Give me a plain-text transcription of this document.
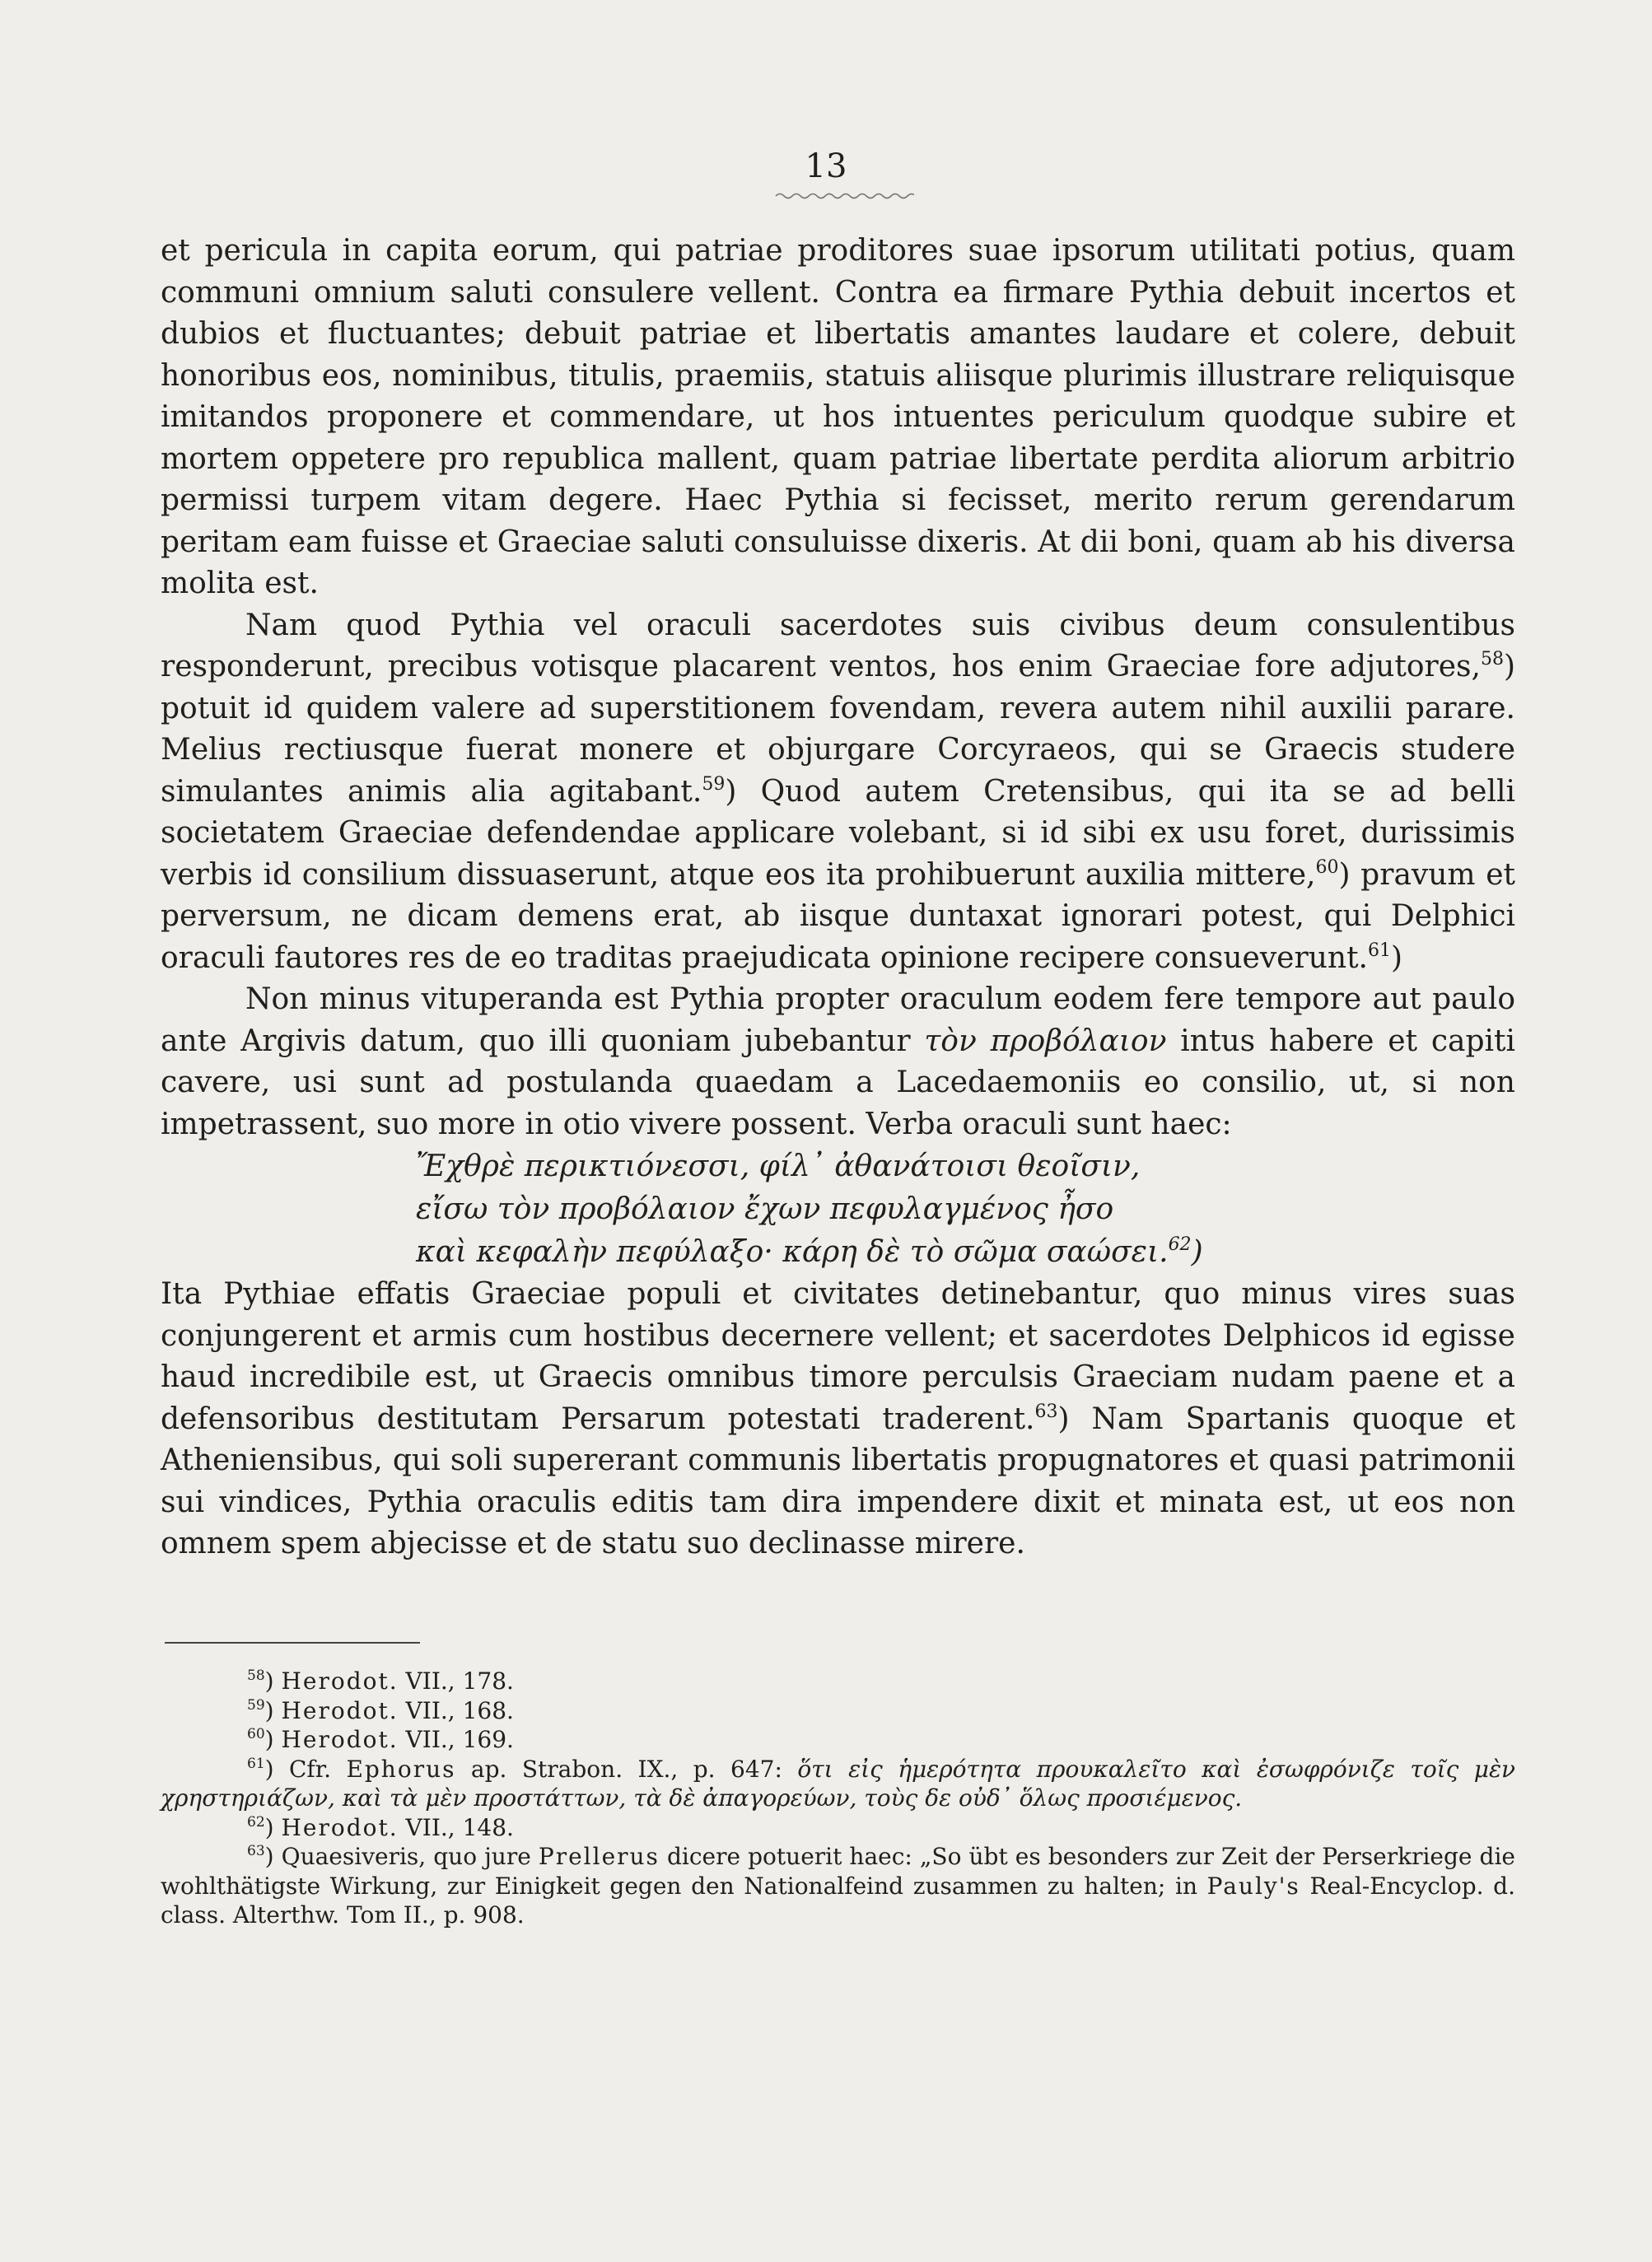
13

et pericula in capita eorum, qui patriae proditores suae ipsorum utilitati potius, quam communi omnium saluti consulere vellent. Contra ea firmare Pythia debuit incertos et dubios et fluctuantes; debuit patriae et libertatis amantes laudare et colere, debuit honoribus eos, nominibus, titulis, praemiis, statuis aliisque plurimis illustrare reliquisque imitandos proponere et commendare, ut hos intuentes periculum quodque subire et mortem oppetere pro republica mallent, quam patriae libertate perdita aliorum arbitrio permissi turpem vitam degere. Haec Pythia si fecisset, merito rerum gerendarum peritam eam fuisse et Graeciae saluti consuluisse dixeris. At dii boni, quam ab his diversa molita est.

Nam quod Pythia vel oraculi sacerdotes suis civibus deum consulentibus responderunt, precibus votisque placarent ventos, hos enim Graeciae fore adjutores,$^{58}$) potuit id quidem valere ad superstitionem fovendam, revera autem nihil auxilii parare. Melius rectiusque fuerat monere et objurgare Corcyraeos, qui se Graecis studere simulantes animis alia agitabant.$^{59}$) Quod autem Cretensibus, qui ita se ad belli societatem Graeciae defendendae applicare volebant, si id sibi ex usu foret, durissimis verbis id consilium dissuaserunt, atque eos ita prohibuerunt auxilia mittere,$^{60}$) pravum et perversum, ne dicam demens erat, ab iisque duntaxat ignorari potest, qui Delphici oraculi fautores res de eo traditas praejudicata opinione recipere consueverunt.$^{61}$)

Non minus vituperanda est Pythia propter oraculum eodem fere tempore aut paulo ante Argivis datum, quo illi quoniam jubebantur τὸν προβόλαιον intus habere et capiti cavere, usi sunt ad postulanda quaedam a Lacedaemoniis eo consilio, ut, si non impetrassent, suo more in otio vivere possent. Verba oraculi sunt haec:

Ἔχθρὲ περικτιόνεσσι, φίλ᾽ ἀθανάτοισι θεοῖσιν,
εἴσω τὸν προβόλαιον ἔχων πεφυλαγμένος ἦσο
καὶ κεφαλὴν πεφύλαξο· κάρη δὲ τὸ σῶμα σαώσει.$^{62}$)

Ita Pythiae effatis Graeciae populi et civitates detinebantur, quo minus vires suas conjungerent et armis cum hostibus decernere vellent; et sacerdotes Delphicos id egisse haud incredibile est, ut Graecis omnibus timore perculsis Graeciam nudam paene et a defensoribus destitutam Persarum potestati traderent.$^{63}$) Nam Spartanis quoque et Atheniensibus, qui soli supererant communis libertatis propugnatores et quasi patrimonii sui vindices, Pythia oraculis editis tam dira impendere dixit et minata est, ut eos non omnem spem abjecisse et de statu suo declinasse mirere.

$^{58}$) Herodot. VII., 178.

$^{59}$) Herodot. VII., 168.

$^{60}$) Herodot. VII., 169.

$^{61}$) Cfr. Ephorus ap. Strabon. IX., p. 647: ὅτι εἰς ἡμερότητα προυκαλεῖτο καὶ ἐσωφρόνιζε τοῖς μὲν χρηστηριάζων, καὶ τὰ μὲν προστάττων, τὰ δὲ ἀπαγορεύων, τοὺς δε οὐδ᾽ ὅλως προσιέμενος.

$^{62}$) Herodot. VII., 148.

$^{63}$) Quaesiveris, quo jure Prellerus dicere potuerit haec: „So übt es besonders zur Zeit der Perserkriege die wohlthätigste Wirkung, zur Einigkeit gegen den Nationalfeind zusammen zu halten; in Pauly's Real-Encyclop. d. class. Alterthw. Tom II., p. 908.
